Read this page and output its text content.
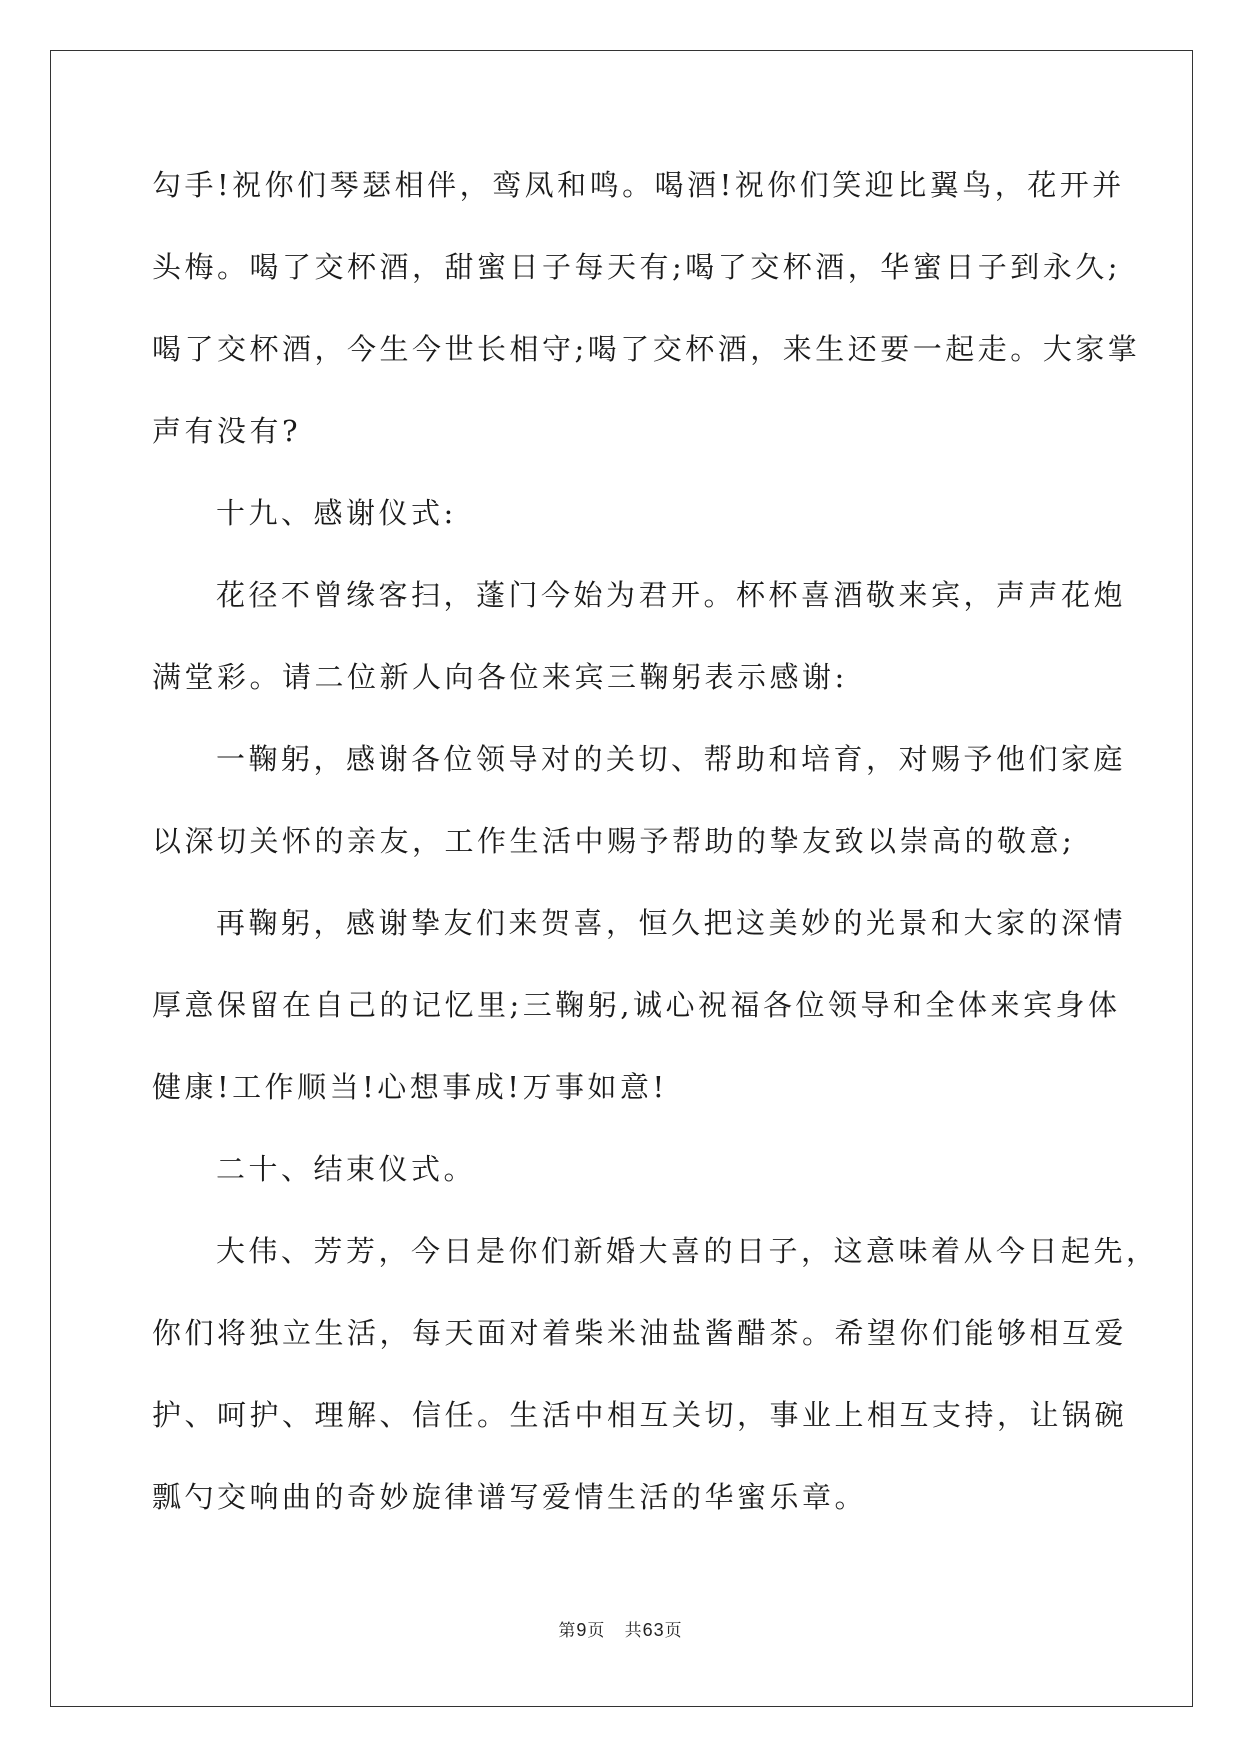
勾手!祝你们琴瑟相伴，鸾凤和鸣。喝酒!祝你们笑迎比翼鸟，花开并
头梅。喝了交杯酒，甜蜜日子每天有;喝了交杯酒，华蜜日子到永久;
喝了交杯酒，今生今世长相守;喝了交杯酒，来生还要一起走。大家掌
声有没有?
十九、感谢仪式:
花径不曾缘客扫，蓬门今始为君开。杯杯喜酒敬来宾，声声花炮
满堂彩。请二位新人向各位来宾三鞠躬表示感谢:
一鞠躬，感谢各位领导对的关切、帮助和培育，对赐予他们家庭
以深切关怀的亲友，工作生活中赐予帮助的挚友致以崇高的敬意;
再鞠躬，感谢挚友们来贺喜，恒久把这美妙的光景和大家的深情
厚意保留在自己的记忆里;三鞠躬,诚心祝福各位领导和全体来宾身体
健康!工作顺当!心想事成!万事如意!
二十、结束仪式。
大伟、芳芳，今日是你们新婚大喜的日子，这意味着从今日起先，
你们将独立生活，每天面对着柴米油盐酱醋茶。希望你们能够相互爱
护、呵护、理解、信任。生活中相互关切，事业上相互支持，让锅碗
瓢勺交响曲的奇妙旋律谱写爱情生活的华蜜乐章。
第9页 共63页
